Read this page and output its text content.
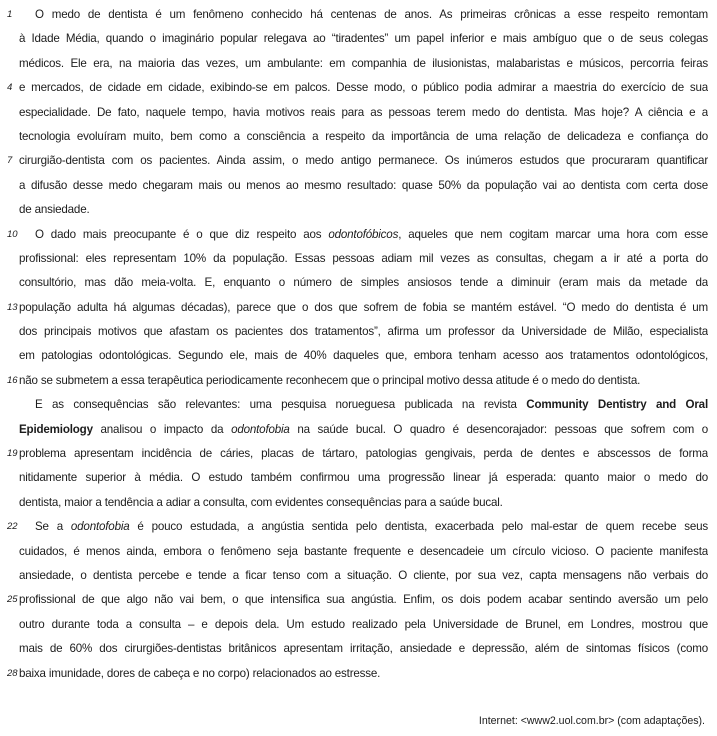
1	O medo de dentista é um fenômeno conhecido há centenas de anos. As primeiras crônicas a esse respeito remontam
à Idade Média, quando o imaginário popular relegava ao “tiradentes” um papel inferior e mais ambíguo que o de seus colegas
médicos. Ele era, na maioria das vezes, um ambulante: em companhia de ilusionistas, malabaristas e músicos, percorria feiras
4 e mercados, de cidade em cidade, exibindo-se em palcos. Desse modo, o público podia admirar a maestria do exercício de sua
especialidade. De fato, naquele tempo, havia motivos reais para as pessoas terem medo do dentista. Mas hoje? A ciência e a
tecnologia evoluíram muito, bem como a consciência a respeito da importância de uma relação de delicadeza e confiança do
7 cirurgião-dentista com os pacientes. Ainda assim, o medo antigo permanece. Os inúmeros estudos que procuraram quantificar
a difusão desse medo chegaram mais ou menos ao mesmo resultado: quase 50% da população vai ao dentista com certa dose
de ansiedade.
10	O dado mais preocupante é o que diz respeito aos odontofóbicos, aqueles que nem cogitam marcar uma hora com esse
profissional: eles representam 10% da população. Essas pessoas adiam mil vezes as consultas, chegam a ir até a porta do
consultório, mas dão meia-volta. E, enquanto o número de simples ansiosos tende a diminuir (eram mais da metade da
13 população adulta há algumas décadas), parece que o dos que sofrem de fobia se mantém estável. “O medo do dentista é um
dos principais motivos que afastam os pacientes dos tratamentos”, afirma um professor da Universidade de Milão, especialista
em patologias odontológicas. Segundo ele, mais de 40% daqueles que, embora tenham acesso aos tratamentos odontológicos,
16 não se submetem a essa terapêutica periodicamente reconhecem que o principal motivo dessa atitude é o medo do dentista.
E as consequências são relevantes: uma pesquisa norueguesa publicada na revista Community Dentistry and Oral
Epidemiology analisou o impacto da odontofobia na saúde bucal. O quadro é desencorajador: pessoas que sofrem com o
19 problema apresentam incidência de cáries, placas de tártaro, patologias gengivais, perda de dentes e abscessos de forma
nitidamente superior à média. O estudo também confirmou uma progressão linear já esperada: quanto maior o medo do
dentista, maior a tendência a adiar a consulta, com evidentes consequências para a saúde bucal.
22	Se a odontofobia é pouco estudada, a angústia sentida pelo dentista, exacerbada pelo mal-estar de quem recebe seus
cuidados, é menos ainda, embora o fenômeno seja bastante frequente e desencadeie um círculo vicioso. O paciente manifesta
ansiedade, o dentista percebe e tende a ficar tenso com a situação. O cliente, por sua vez, capta mensagens não verbais do
25 profissional de que algo não vai bem, o que intensifica sua angústia. Enfim, os dois podem acabar sentindo aversão um pelo
outro durante toda a consulta – e depois dela. Um estudo realizado pela Universidade de Brunel, em Londres, mostrou que
mais de 60% dos cirurgiões-dentistas britânicos apresentam irritação, ansiedade e depressão, além de sintomas físicos (como
28 baixa imunidade, dores de cabeça e no corpo) relacionados ao estresse.
Internet: <www2.uol.com.br> (com adaptações).
